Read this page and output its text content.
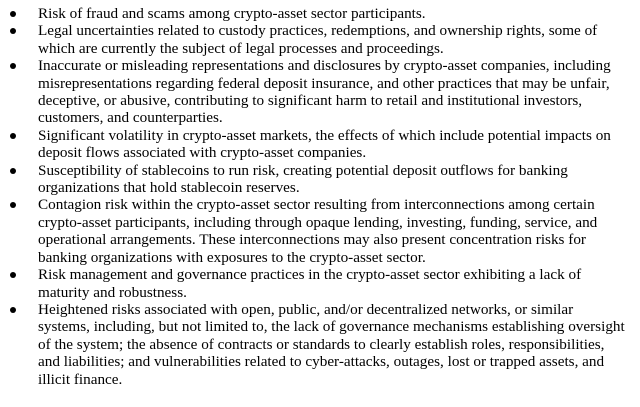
Risk of fraud and scams among crypto-asset sector participants.
Legal uncertainties related to custody practices, redemptions, and ownership rights, some of which are currently the subject of legal processes and proceedings.
Inaccurate or misleading representations and disclosures by crypto-asset companies, including misrepresentations regarding federal deposit insurance, and other practices that may be unfair, deceptive, or abusive, contributing to significant harm to retail and institutional investors, customers, and counterparties.
Significant volatility in crypto-asset markets, the effects of which include potential impacts on deposit flows associated with crypto-asset companies.
Susceptibility of stablecoins to run risk, creating potential deposit outflows for banking organizations that hold stablecoin reserves.
Contagion risk within the crypto-asset sector resulting from interconnections among certain crypto-asset participants, including through opaque lending, investing, funding, service, and operational arrangements. These interconnections may also present concentration risks for banking organizations with exposures to the crypto-asset sector.
Risk management and governance practices in the crypto-asset sector exhibiting a lack of maturity and robustness.
Heightened risks associated with open, public, and/or decentralized networks, or similar systems, including, but not limited to, the lack of governance mechanisms establishing oversight of the system; the absence of contracts or standards to clearly establish roles, responsibilities, and liabilities; and vulnerabilities related to cyber-attacks, outages, lost or trapped assets, and illicit finance.
